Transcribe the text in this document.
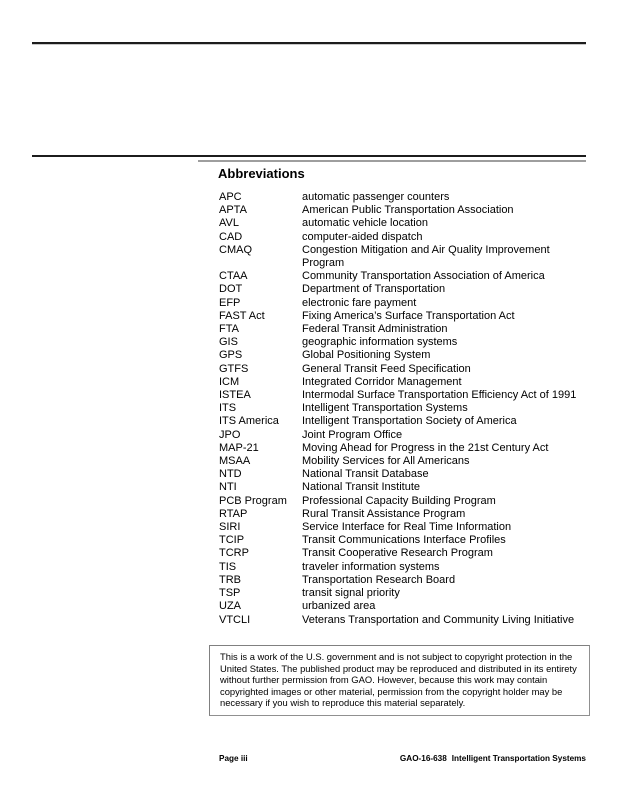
Abbreviations
APC	automatic passenger counters
APTA	American Public Transportation Association
AVL	automatic vehicle location
CAD	computer-aided dispatch
CMAQ	Congestion Mitigation and Air Quality Improvement Program
CTAA	Community Transportation Association of America
DOT	Department of Transportation
EFP	electronic fare payment
FAST Act	Fixing America’s Surface Transportation Act
FTA	Federal Transit Administration
GIS	geographic information systems
GPS	Global Positioning System
GTFS	General Transit Feed Specification
ICM	Integrated Corridor Management
ISTEA	Intermodal Surface Transportation Efficiency Act of 1991
ITS	Intelligent Transportation Systems
ITS America	Intelligent Transportation Society of America
JPO	Joint Program Office
MAP-21	Moving Ahead for Progress in the 21st Century Act
MSAA	Mobility Services for All Americans
NTD	National Transit Database
NTI	National Transit Institute
PCB Program	Professional Capacity Building Program
RTAP	Rural Transit Assistance Program
SIRI	Service Interface for Real Time Information
TCIP	Transit Communications Interface Profiles
TCRP	Transit Cooperative Research Program
TIS	traveler information systems
TRB	Transportation Research Board
TSP	transit signal priority
UZA	urbanized area
VTCLI	Veterans Transportation and Community Living Initiative

This is a work of the U.S. government and is not subject to copyright protection in the United States. The published product may be reproduced and distributed in its entirety without further permission from GAO. However, because this work may contain copyrighted images or other material, permission from the copyright holder may be necessary if you wish to reproduce this material separately.

Page iii	GAO-16-638 Intelligent Transportation Systems
